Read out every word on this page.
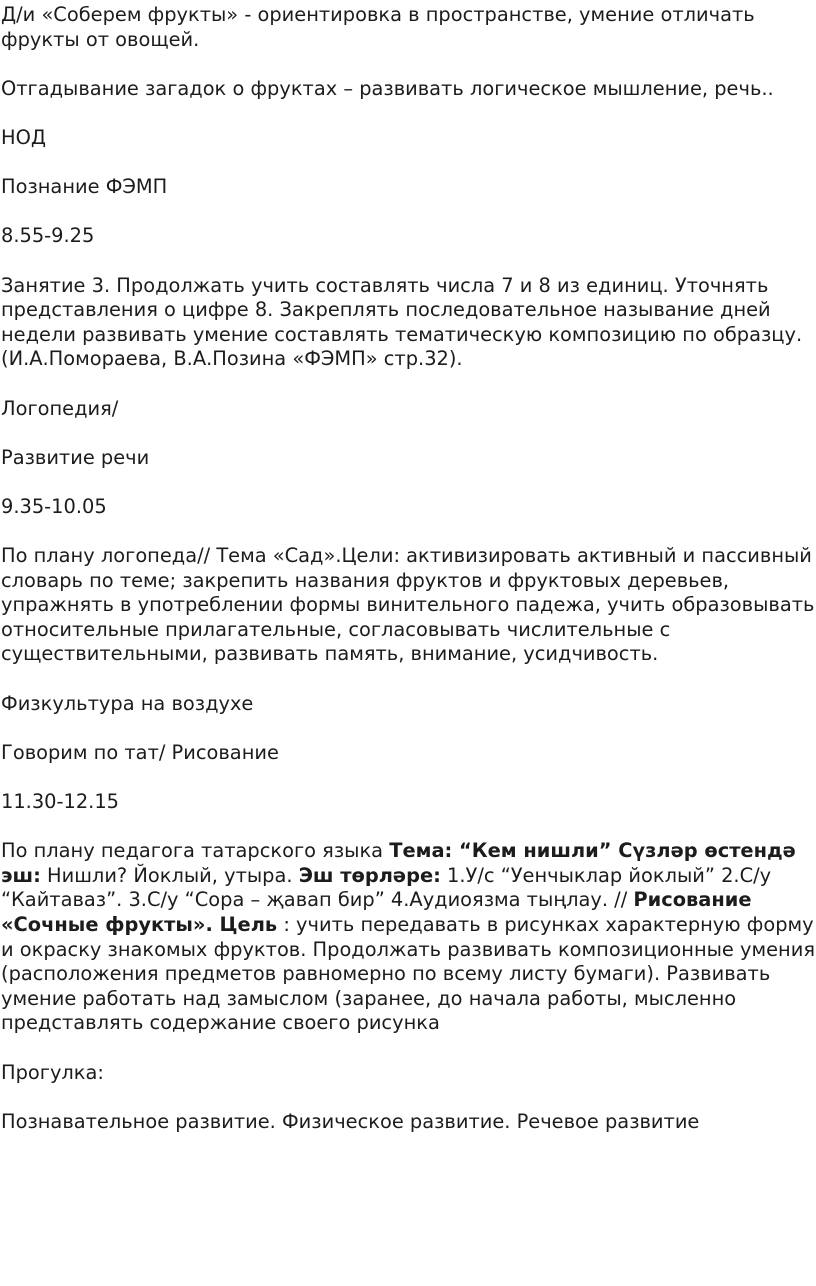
Д/и «Соберем фрукты» - ориентировка в пространстве, умение отличать фрукты от овощей.

Отгадывание загадок о фруктах – развивать логическое мышление, речь..

НОД

Познание ФЭМП

8.55-9.25

Занятие 3. Продолжать учить составлять числа 7 и 8 из единиц. Уточнять представления о цифре 8. Закреплять последовательное называние дней недели развивать умение составлять тематическую композицию по образцу. (И.А.Помораева, В.А.Позина «ФЭМП» стр.32).

Логопедия/

Развитие речи

9.35-10.05

По плану логопеда// Тема «Сад».Цели: активизировать активный и пассивный словарь по теме; закрепить названия фруктов и фруктовых деревьев, упражнять в употреблении формы винительного падежа, учить образовывать относительные прилагательные, согласовывать числительные с существительными, развивать память, внимание, усидчивость.

Физкультура на воздухе

Говорим по тат/ Рисование

11.30-12.15

По плану педагога татарского языка Тема: “Кем нишли” Сүзләр өстендә эш: Нишли? Йоклый, утыра. Эш төрләре: 1.У/с “Уенчыклар йоклый” 2.С/у “Кайтаваз”. 3.С/у “Сора – җавап бир” 4.Аудиоязма тыңлау. // Рисование «Сочные фрукты». Цель : учить передавать в рисунках характерную форму и окраску знакомых фруктов. Продолжать развивать композиционные умения (расположения предметов равномерно по всему листу бумаги). Развивать умение работать над замыслом (заранее, до начала работы, мысленно представлять содержание своего рисунка

Прогулка:

Познавательное развитие. Физическое развитие. Речевое развитие
